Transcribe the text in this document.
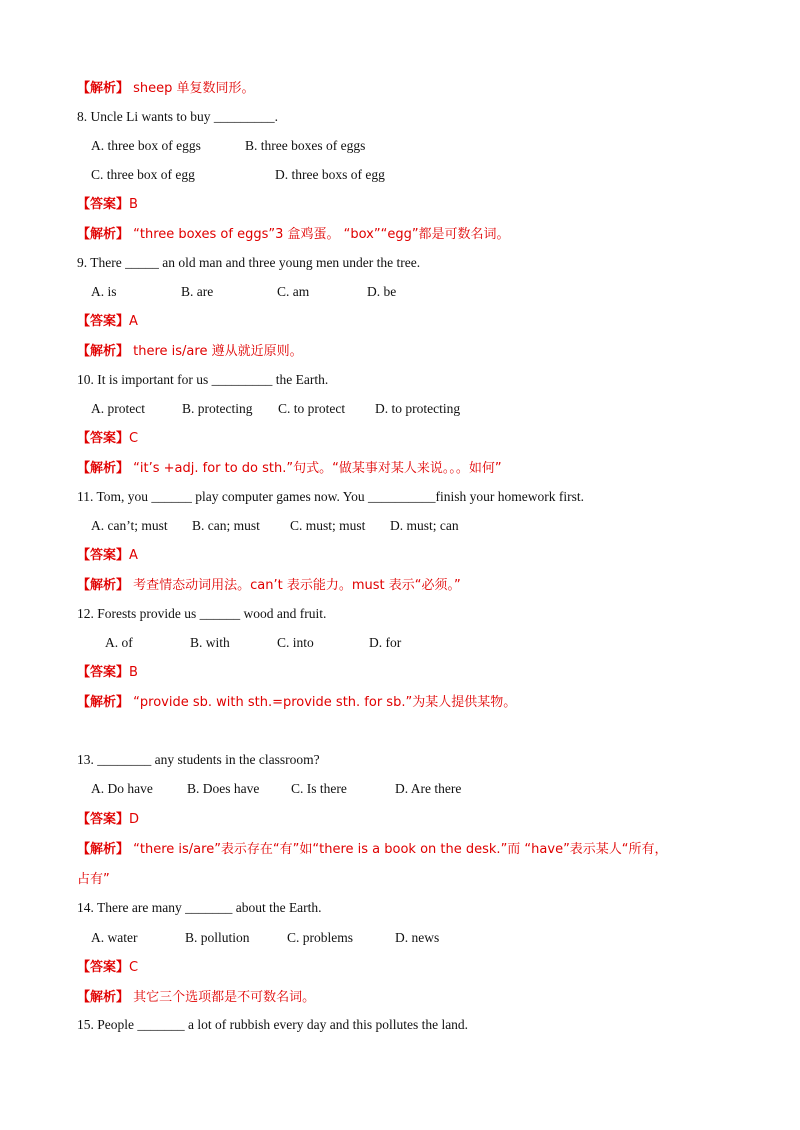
【解析】 sheep 单复数同形。
8. Uncle Li wants to buy _________.
A. three box of eggs	B. three boxes of eggs
C. three box of egg	D. three boxs of egg
【答案】B
【解析】 “three boxes of eggs”3 盒鸡蛋。 “box”“egg”都是可数名词。
9. There _____ an old man and three young men under the tree.
A. is	B. are	C. am	D. be
【答案】A
【解析】 there is/are 遵从就近原则。
10. It is important for us _________ the Earth.
A. protect	B. protecting C. to protect D. to protecting
【答案】C
【解析】 “it’s +adj. for to do sth.”句式。“做某事对某人来说。。。如何”
11. Tom, you ______ play computer games now. You __________finish your homework first.
A. can’t; must B. can; must C. must; must D. must; can
【答案】A
【解析】 考查情态动词用法。can’t 表示能力。must 表示“必须。”
12. Forests provide us ______ wood and fruit.
A. of	B. with	C. into	D. for
【答案】B
【解析】 “provide sb. with sth.=provide sth. for sb.”为某人提供某物。
13. ________ any students in the classroom?
A. Do have	B. Does have C. Is there	D. Are there
【答案】D
【解析】 “there is/are”表示存在“有”如“there is a book on the desk.”而 “have”表示某人“所有，
占有”
14. There are many _______ about the Earth.
A. water	B. pollution	C. problems	D. news
【答案】C
【解析】 其它三个选项都是不可数名词。
15. People _______ a lot of rubbish every day and this pollutes the land.
